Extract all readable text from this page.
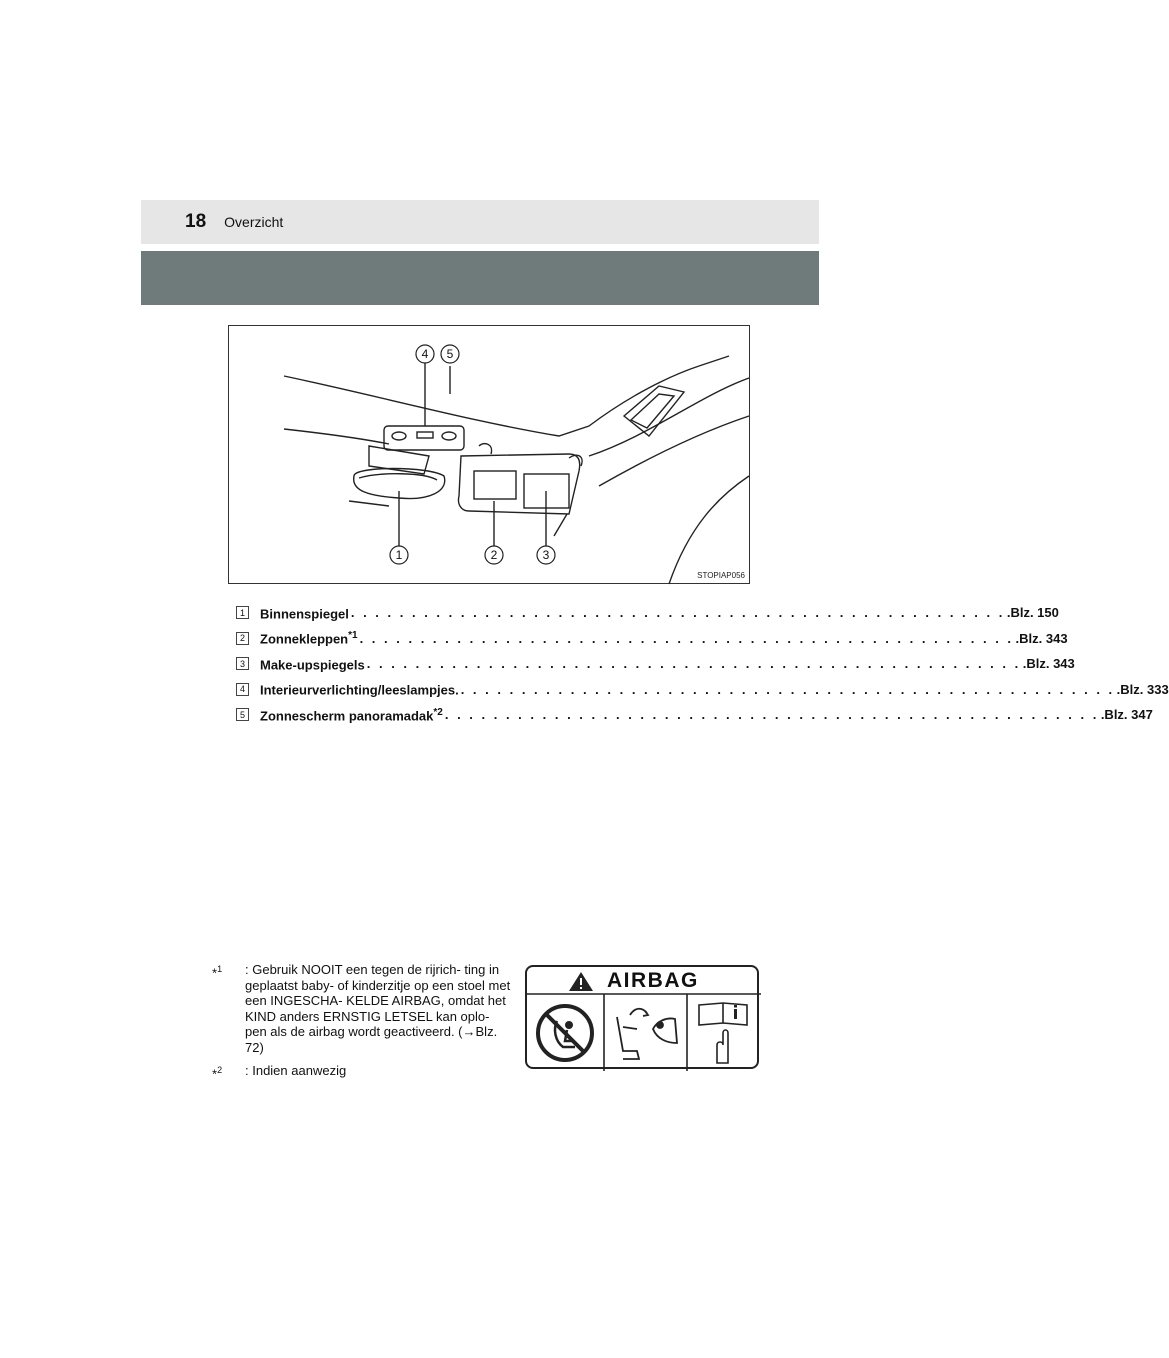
18 Overzicht
4 5
1	2	3
STOPIAP056
1	Binnenspiegel . . . . . . . . . . . . . . . . . . . . . . . . . . . . . . . . . . . . . . . . . . . . . . . . . . . . . . .Blz. 150
2	Zonnekleppen$^{*1}$ . . . . . . . . . . . . . . . . . . . . . . . . . . . . . . . . . . . . . . . . . . . . . . . . . . . . . . .Blz. 343
3	Make-upspiegels . . . . . . . . . . . . . . . . . . . . . . . . . . . . . . . . . . . . . . . . . . . . . . . . . . . . . . .Blz. 343
4	Interieurverlichting/leeslampjes. . . . . . . . . . . . . . . . . . . . . . . . . . . . . . . . . . . . . . . . . . . . . . . . . . . . . . . .Blz. 333
5	Zonnescherm panoramadak$^{*2}$ . . . . . . . . . . . . . . . . . . . . . . . . . . . . . . . . . . . . . . . . . . . . . . . . . . . . . . .Blz. 347
*$^1$	: Gebruik NOOIT een tegen de rijrich- ting in geplaatst baby- of kinderzitje op een stoel met een INGESCHA- KELDE AIRBAG, omdat het KIND anders ERNSTIG LETSEL kan oplo- pen als de airbag wordt geactiveerd. (→Blz. 72)
*$^2$	: Indien aanwezig
AIRBAG
